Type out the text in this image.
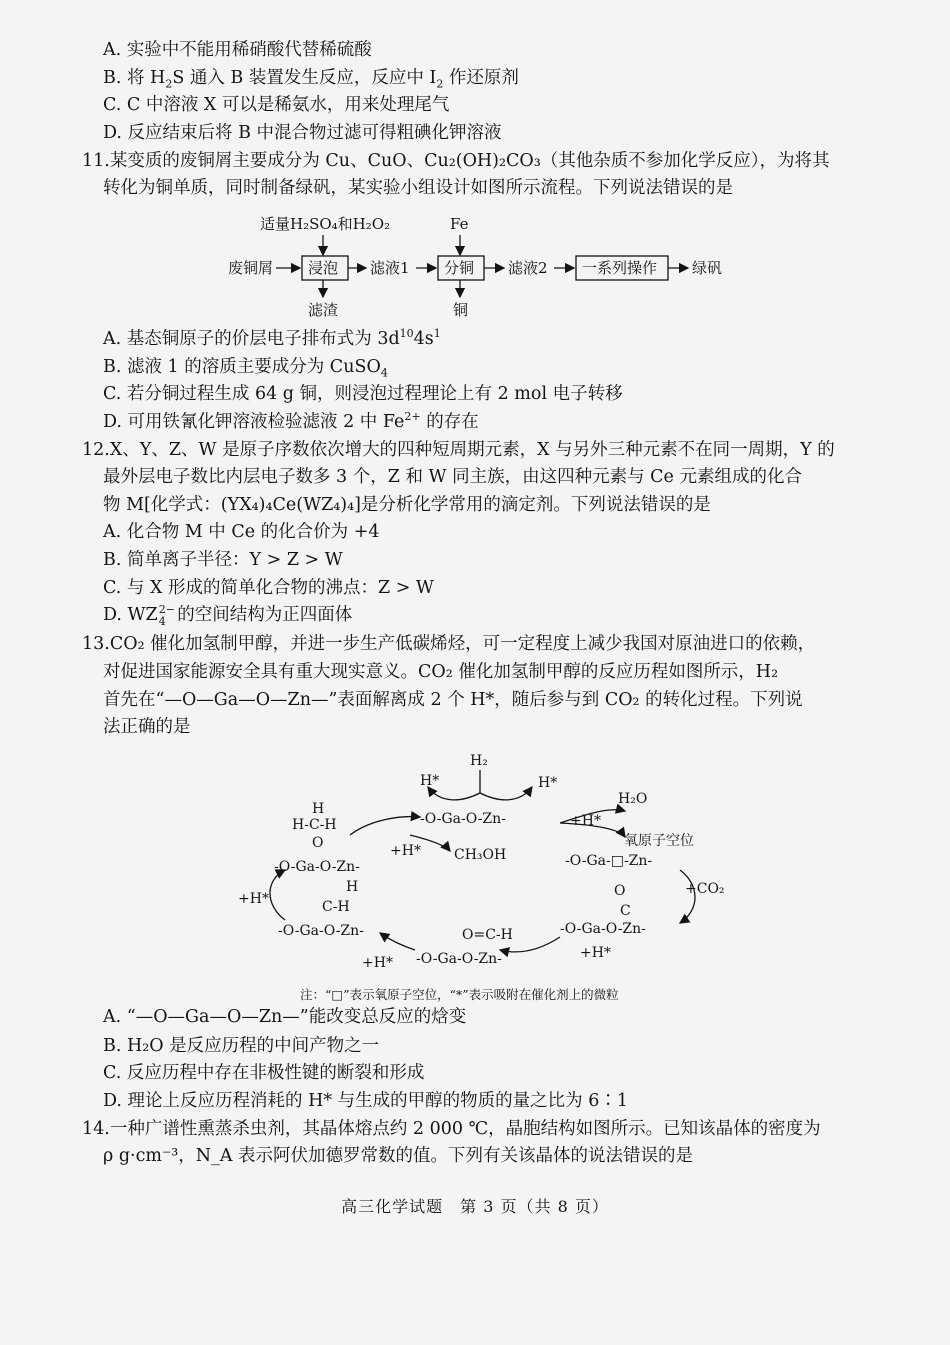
A. 实验中不能用稀硝酸代替稀硫酸
B. 将 $H_2S$ 通入 B 装置发生反应，反应中 $I_2$ 作还原剂
C. C 中溶液 X 可以是稀氨水，用来处理尾气
D. 反应结束后将 B 中混合物过滤可得粗碘化钾溶液
11.某变质的废铜屑主要成分为 Cu、CuO、Cu₂(OH)₂CO₃（其他杂质不参加化学反应），为将其
转化为铜单质，同时制备绿矾，某实验小组设计如图所示流程。下列说法错误的是
适量H₂SO₄和H₂O₂	Fe
废铜屑 浸泡 滤液1 分铜 滤液2 一系列操作 绿矾
滤渣	铜
A. 基态铜原子的价层电子排布式为 $3d^{10}4s^1$
B. 滤液 1 的溶质主要成分为 CuSO$_4$
C. 若分铜过程生成 64 g 铜，则浸泡过程理论上有 2 mol 电子转移
D. 可用铁氰化钾溶液检验滤液 2 中 $Fe^{2+}$ 的存在
12.X、Y、Z、W 是原子序数依次增大的四种短周期元素，X 与另外三种元素不在同一周期，Y 的
最外层电子数比内层电子数多 3 个，Z 和 W 同主族，由这四种元素与 Ce 元素组成的化合
物 M[化学式：(YX₄)₄Ce(WZ₄)₄]是分析化学常用的滴定剂。下列说法错误的是
A. 化合物 M 中 Ce 的化合价为 +4
B. 简单离子半径：Y > Z > W
C. 与 X 形成的简单化合物的沸点：Z > W
D. WZ 2−
4 的空间结构为正四面体
13.CO₂ 催化加氢制甲醇，并进一步生产低碳烯烃，可一定程度上减少我国对原油进口的依赖，
对促进国家能源安全具有重大现实意义。CO₂ 催化加氢制甲醇的反应历程如图所示，H₂
首先在“—O—Ga—O—Zn—”表面解离成 2 个 H*，随后参与到 CO₂ 的转化过程。下列说
法正确的是
H₂
H*	H*
-O-Ga-O-Zn-
H₂O
+H*
氧原子空位
-O-Ga-□-Zn-
+CO₂
O
C
-O-Ga-O-Zn-
+H*
O=C-H
-O-Ga-O-Zn-
+H*
H
C-H
-O-Ga-O-Zn-
+H*
H
H-C-H
O
-O-Ga-O-Zn-
+H* CH₃OH
注：“□”表示氧原子空位，“*”表示吸附在催化剂上的微粒
A. “—O—Ga—O—Zn—”能改变总反应的焓变
B. H₂O 是反应历程的中间产物之一
C. 反应历程中存在非极性键的断裂和形成
D. 理论上反应历程消耗的 H* 与生成的甲醇的物质的量之比为 6∶1
14.一种广谱性熏蒸杀虫剂，其晶体熔点约 2 000 ℃，晶胞结构如图所示。已知该晶体的密度为
ρ g·cm⁻³，N_A 表示阿伏加德罗常数的值。下列有关该晶体的说法错误的是
高三化学试题　第 3 页（共 8 页）
